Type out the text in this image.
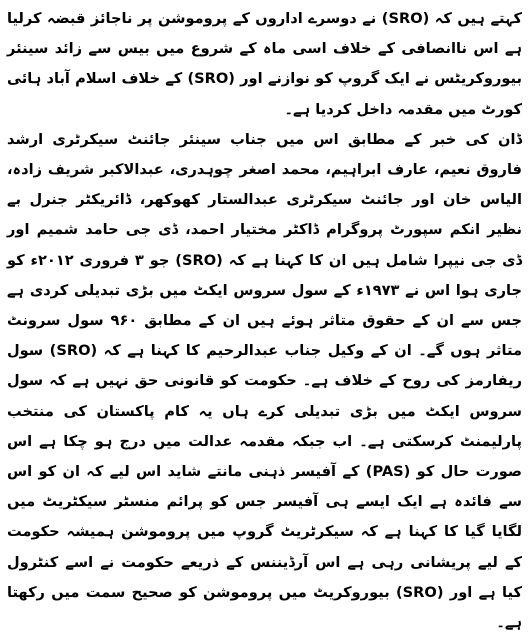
کہتے ہیں کہ (SRO) نے دوسرے اداروں کے پروموشن پر ناجائز قبضہ کرلیا ہے اس ناانصافی کے خلاف اسی ماہ کے شروع میں بیس سے زائد سینئر بیوروکریٹس نے ایک گروپ کو نوازنے اور (SRO) کے خلاف اسلام آباد ہائی کورٹ میں مقدمہ داخل کردیا ہے۔

ڈان کی خبر کے مطابق اس میں جناب سینئر جائنٹ سیکرٹری ارشد فاروق نعیم، عارف ابراہیم، محمد اصغر چوہدری، عبدالاکبر شریف زادہ، الیاس خان اور جائنٹ سیکرٹری عبدالستار کھوکھر، ڈائریکٹر جنرل بے نظیر انکم سپورٹ پروگرام ڈاکٹر مختیار احمد، ڈی جی حامد شمیم اور ڈی جی نیپرا شامل ہیں ان کا کہنا ہے کہ (SRO) جو ۳ فروری ۲۰۱۲ء کو جاری ہوا اس نے ۱۹۷۳ء کے سول سروس ایکٹ میں بڑی تبدیلی کردی ہے جس سے ان کے حقوق متاثر ہوئے ہیں ان کے مطابق ۹۶۰ سول سرونٹ متاثر ہوں گے۔ ان کے وکیل جناب عبدالرحیم کا کہنا ہے کہ (SRO) سول ریفارمز کی روح کے خلاف ہے۔ حکومت کو قانونی حق نہیں ہے کہ سول سروس ایکٹ میں بڑی تبدیلی کرے ہاں یہ کام پاکستان کی منتخب پارلیمنٹ کرسکتی ہے۔ اب جبکہ مقدمہ عدالت میں درج ہو چکا ہے اس صورت حال کو (PAS) کے آفیسر ذہنی مانتے شاید اس لیے کہ ان کو اس سے فائدہ ہے ایک ایسے ہی آفیسر جس کو پرائم منسٹر سیکٹریٹ میں لگایا گیا کا کہنا ہے کہ سیکرٹریٹ گروپ میں پروموشن ہمیشہ حکومت کے لیے پریشانی رہی ہے اس آرڈیننس کے ذریعے حکومت نے اسے کنٹرول کیا ہے اور (SRO) بیوروکریٹ میں پروموشن کو صحیح سمت میں رکھتا ہے۔
